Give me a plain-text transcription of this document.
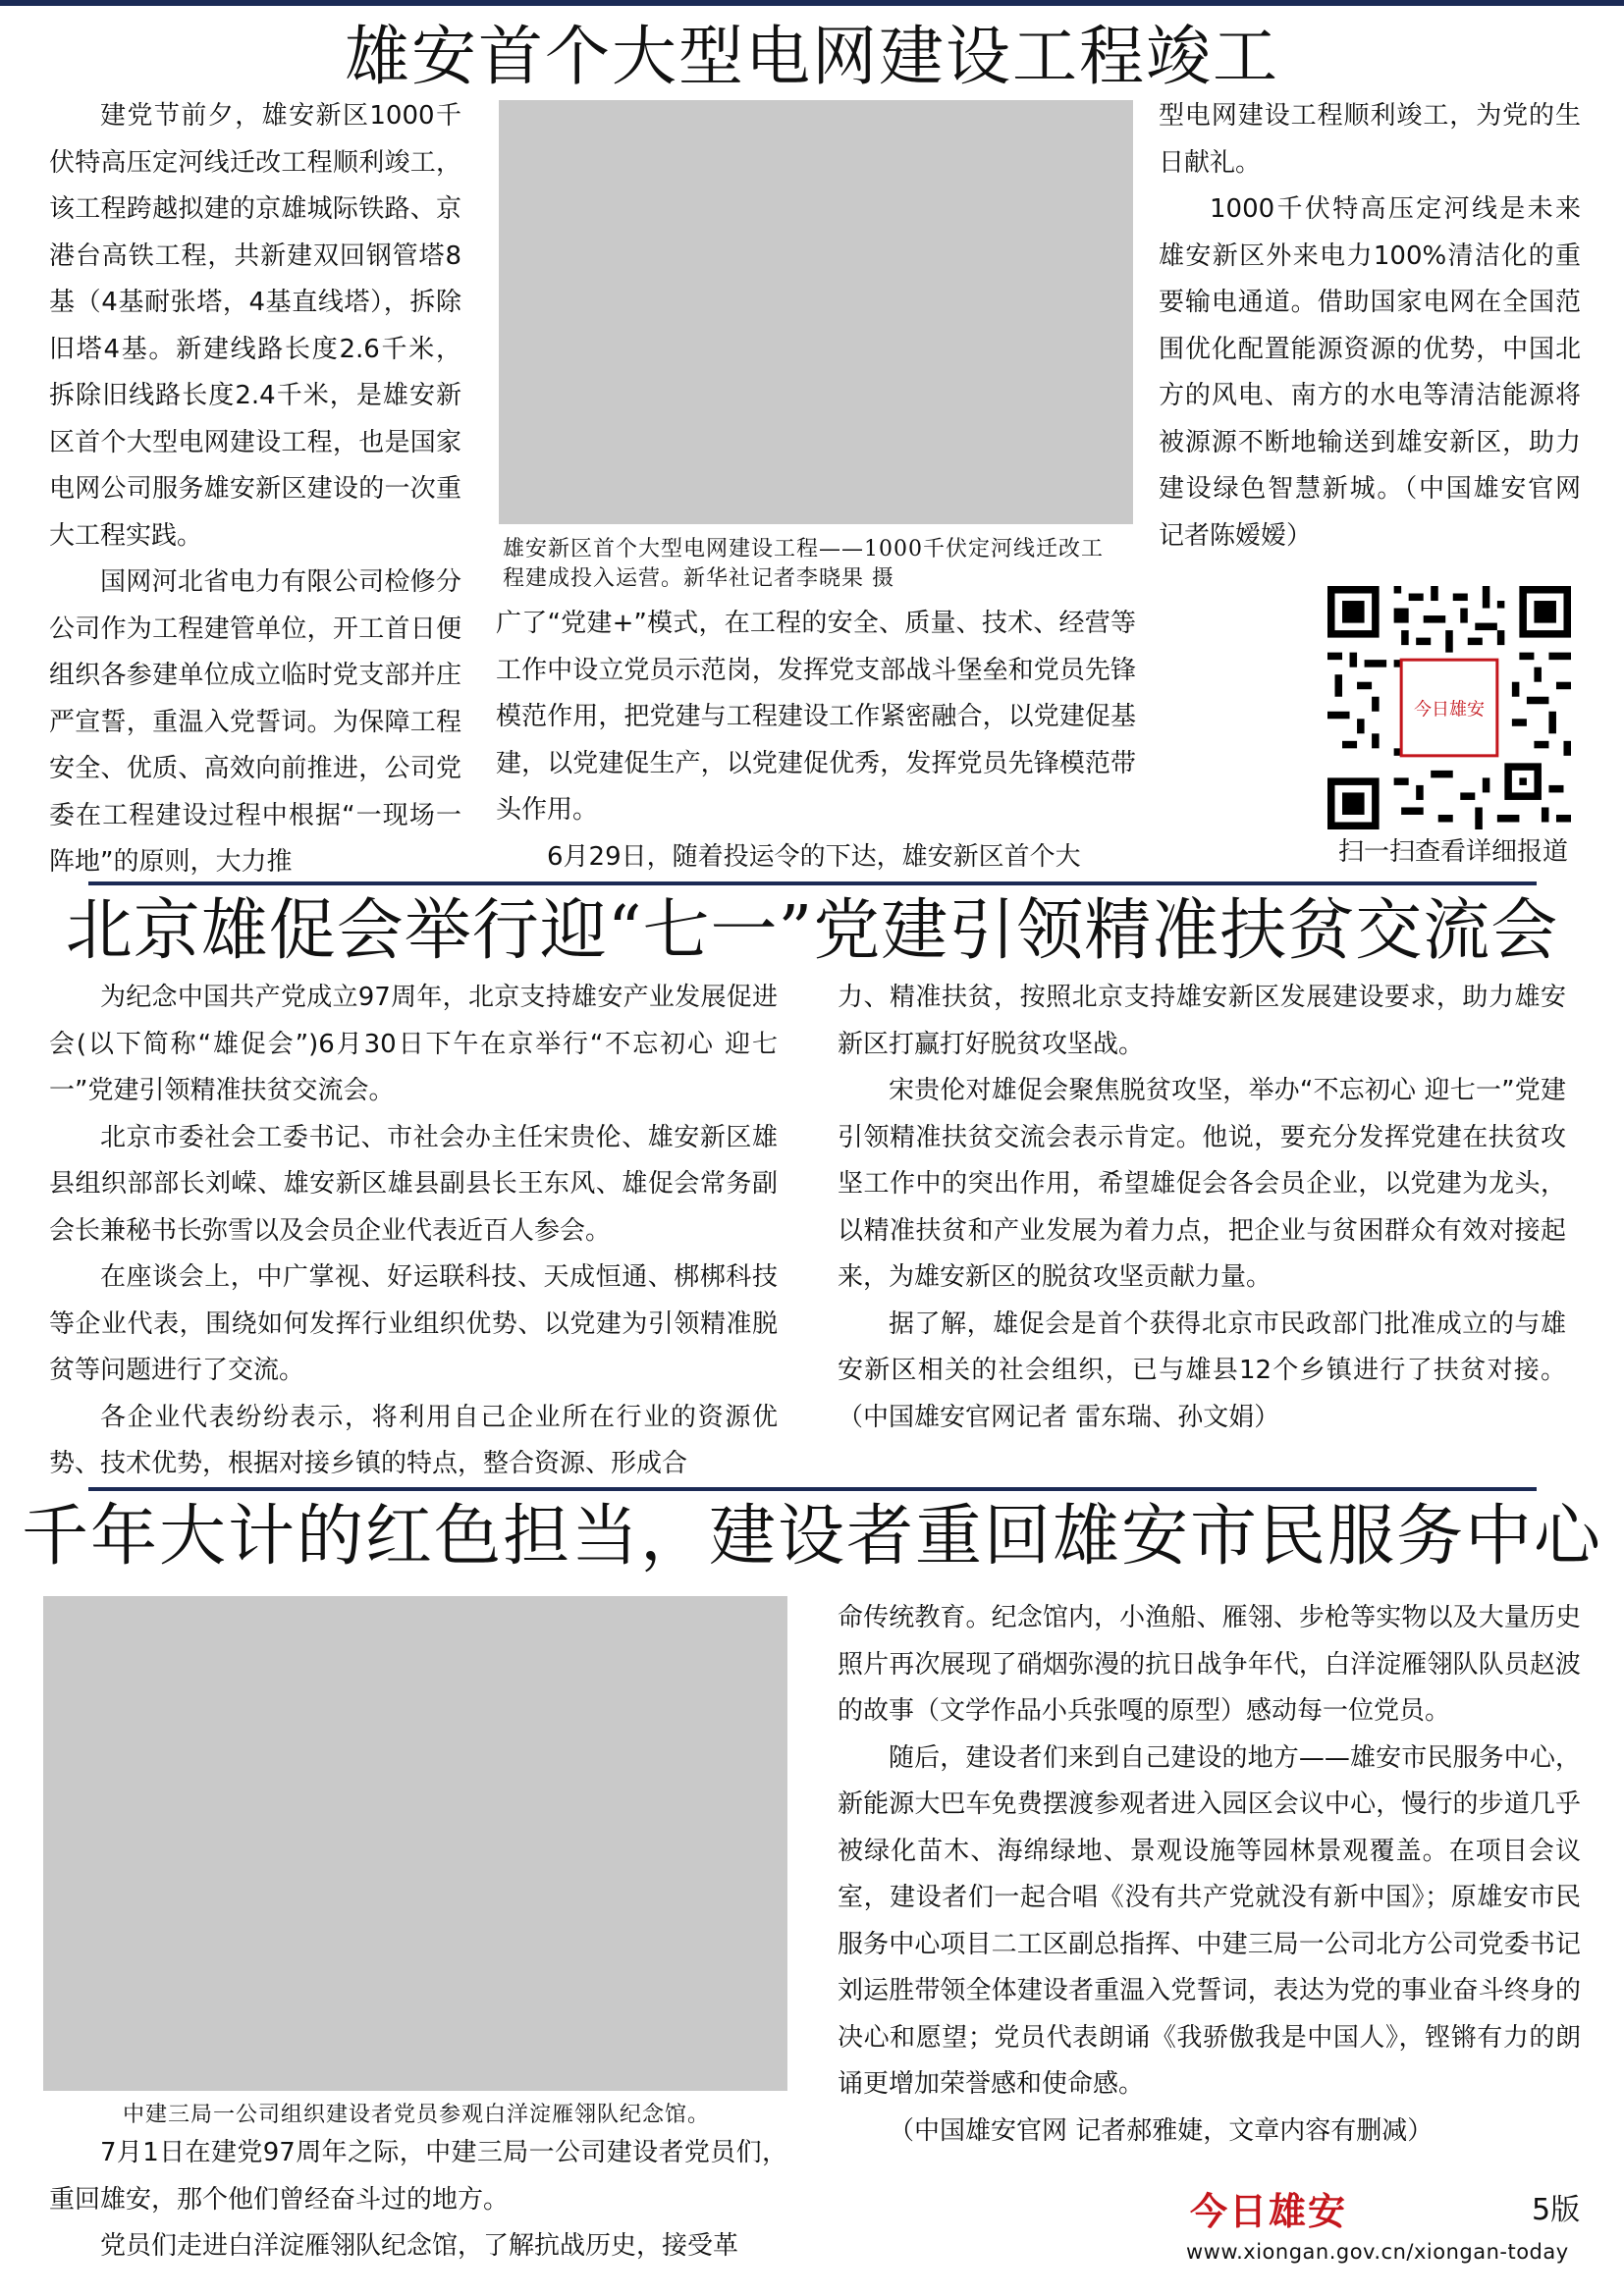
雄安首个大型电网建设工程竣工

建党节前夕，雄安新区1000千伏特高压定河线迁改工程顺利竣工，该工程跨越拟建的京雄城际铁路、京港台高铁工程，共新建双回钢管塔8基（4基耐张塔，4基直线塔），拆除旧塔4基。新建线路长度2.6千米，拆除旧线路长度2.4千米，是雄安新区首个大型电网建设工程，也是国家电网公司服务雄安新区建设的一次重大工程实践。

国网河北省电力有限公司检修分公司作为工程建管单位，开工首日便组织各参建单位成立临时党支部并庄严宣誓，重温入党誓词。为保障工程安全、优质、高效向前推进，公司党委在工程建设过程中根据“一现场一阵地”的原则，大力推

雄安新区首个大型电网建设工程——1000千伏定河线迁改工程建成投入运营。新华社记者李晓果 摄

广了“党建+”模式，在工程的安全、质量、技术、经营等工作中设立党员示范岗，发挥党支部战斗堡垒和党员先锋模范作用，把党建与工程建设工作紧密融合，以党建促基建，以党建促生产，以党建促优秀，发挥党员先锋模范带头作用。

6月29日，随着投运令的下达，雄安新区首个大

型电网建设工程顺利竣工，为党的生日献礼。

1000千伏特高压定河线是未来雄安新区外来电力100%清洁化的重要输电通道。借助国家电网在全国范围优化配置能源资源的优势，中国北方的风电、南方的水电等清洁能源将被源源不断地输送到雄安新区，助力建设绿色智慧新城。（中国雄安官网 记者陈嫒嫒）

今日雄安
扫一扫查看详细报道
北京雄促会举行迎“七一”党建引领精准扶贫交流会

为纪念中国共产党成立97周年，北京支持雄安产业发展促进会(以下简称“雄促会”)6月30日下午在京举行“不忘初心 迎七一”党建引领精准扶贫交流会。

北京市委社会工委书记、市社会办主任宋贵伦、雄安新区雄县组织部部长刘嵘、雄安新区雄县副县长王东风、雄促会常务副会长兼秘书长弥雪以及会员企业代表近百人参会。

在座谈会上，中广掌视、好运联科技、天成恒通、梆梆科技等企业代表，围绕如何发挥行业组织优势、以党建为引领精准脱贫等问题进行了交流。

各企业代表纷纷表示，将利用自己企业所在行业的资源优势、技术优势，根据对接乡镇的特点，整合资源、形成合

力、精准扶贫，按照北京支持雄安新区发展建设要求，助力雄安新区打赢打好脱贫攻坚战。

宋贵伦对雄促会聚焦脱贫攻坚，举办“不忘初心 迎七一”党建引领精准扶贫交流会表示肯定。他说，要充分发挥党建在扶贫攻坚工作中的突出作用，希望雄促会各会员企业，以党建为龙头，以精准扶贫和产业发展为着力点，把企业与贫困群众有效对接起来，为雄安新区的脱贫攻坚贡献力量。

据了解，雄促会是首个获得北京市民政部门批准成立的与雄安新区相关的社会组织，已与雄县12个乡镇进行了扶贫对接。（中国雄安官网记者 雷东瑞、孙文娟）

千年大计的红色担当，建设者重回雄安市民服务中心
中建三局一公司组织建设者党员参观白洋淀雁翎队纪念馆。

7月1日在建党97周年之际，中建三局一公司建设者党员们，重回雄安，那个他们曾经奋斗过的地方。

党员们走进白洋淀雁翎队纪念馆，了解抗战历史，接受革

命传统教育。纪念馆内，小渔船、雁翎、步枪等实物以及大量历史照片再次展现了硝烟弥漫的抗日战争年代，白洋淀雁翎队队员赵波的故事（文学作品小兵张嘎的原型）感动每一位党员。

随后，建设者们来到自己建设的地方——雄安市民服务中心，新能源大巴车免费摆渡参观者进入园区会议中心，慢行的步道几乎被绿化苗木、海绵绿地、景观设施等园林景观覆盖。在项目会议室，建设者们一起合唱《没有共产党就没有新中国》；原雄安市民服务中心项目二工区副总指挥、中建三局一公司北方公司党委书记刘运胜带领全体建设者重温入党誓词，表达为党的事业奋斗终身的决心和愿望；党员代表朗诵《我骄傲我是中国人》，铿锵有力的朗诵更增加荣誉感和使命感。

（中国雄安官网 记者郝雅婕，文章内容有删减）

今日雄安	5版
www.xiongan.gov.cn/xiongan-today
